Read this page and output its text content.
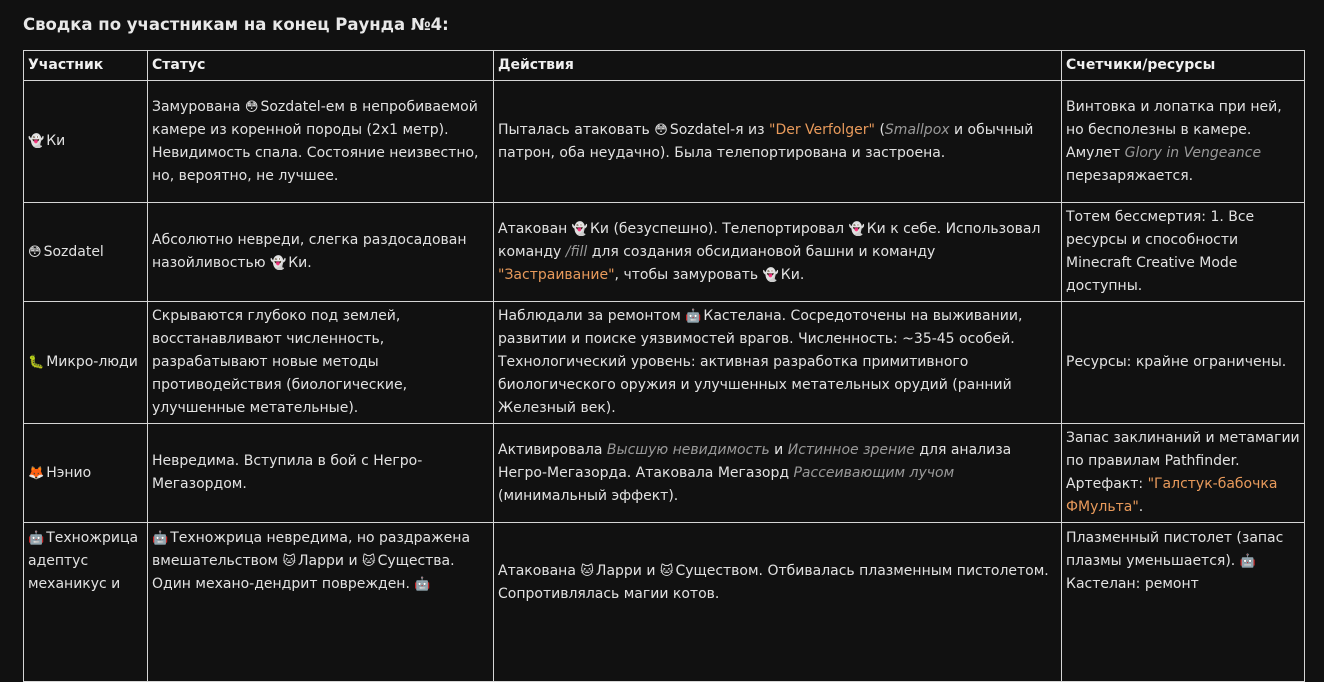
Сводка по участникам на конец Раунда №4:
Участник	Статус	Действия	Счетчики/ресурсы
👻 Ки	Замурована 😳 Sozdatel-ем в непробиваемой камере из коренной породы (2x1 метр). Невидимость спала. Состояние неизвестно, но, вероятно, не лучшее.	Пыталась атаковать 😳 Sozdatel-я из "Der Verfolger" (Smallpox и обычный патрон, оба неудачно). Была телепортирована и застроена.	Винтовка и лопатка при ней, но бесполезны в камере. Амулет Glory in Vengeance перезаряжается.
😳 Sozdatel	Абсолютно невреди, слегка раздосадован назойливостью 👻 Ки.	Атакован 👻 Ки (безуспешно). Телепортировал 👻 Ки к себе. Использовал команду /fill для создания обсидиановой башни и команду "Застраивание", чтобы замуровать 👻 Ки.	Тотем бессмертия: 1. Все ресурсы и способности Minecraft Creative Mode доступны.
🐛 Микро-люди	Скрываются глубоко под землей, восстанавливают численность, разрабатывают новые методы противодействия (биологические, улучшенные метательные).	Наблюдали за ремонтом 🤖 Кастелана. Сосредоточены на выживании, развитии и поиске уязвимостей врагов. Численность: ~35-45 особей. Технологический уровень: активная разработка примитивного биологического оружия и улучшенных метательных орудий (ранний Железный век).	Ресурсы: крайне ограничены.
🦊 Нэнио	Невредима. Вступила в бой с Негро-Мегазордом.	Активировала Высшую невидимость и Истинное зрение для анализа Негро-Мегазорда. Атаковала Мегазорд Рассеивающим лучом (минимальный эффект).	Запас заклинаний и метамагии по правилам Pathfinder. Артефакт: "Галстук-бабочка ФМульта".
🤖 Техножрица адептус механикус и	🤖 Техножрица невредима, но раздражена вмешательством 🐱 Ларри и 🐱 Существа. Один механо-дендрит поврежден. 🤖	Атакована 🐱 Ларри и 🐱 Существом. Отбивалась плазменным пистолетом. Сопротивлялась магии котов.	Плазменный пистолет (запас плазмы уменьшается). 🤖Кастелан: ремонт
